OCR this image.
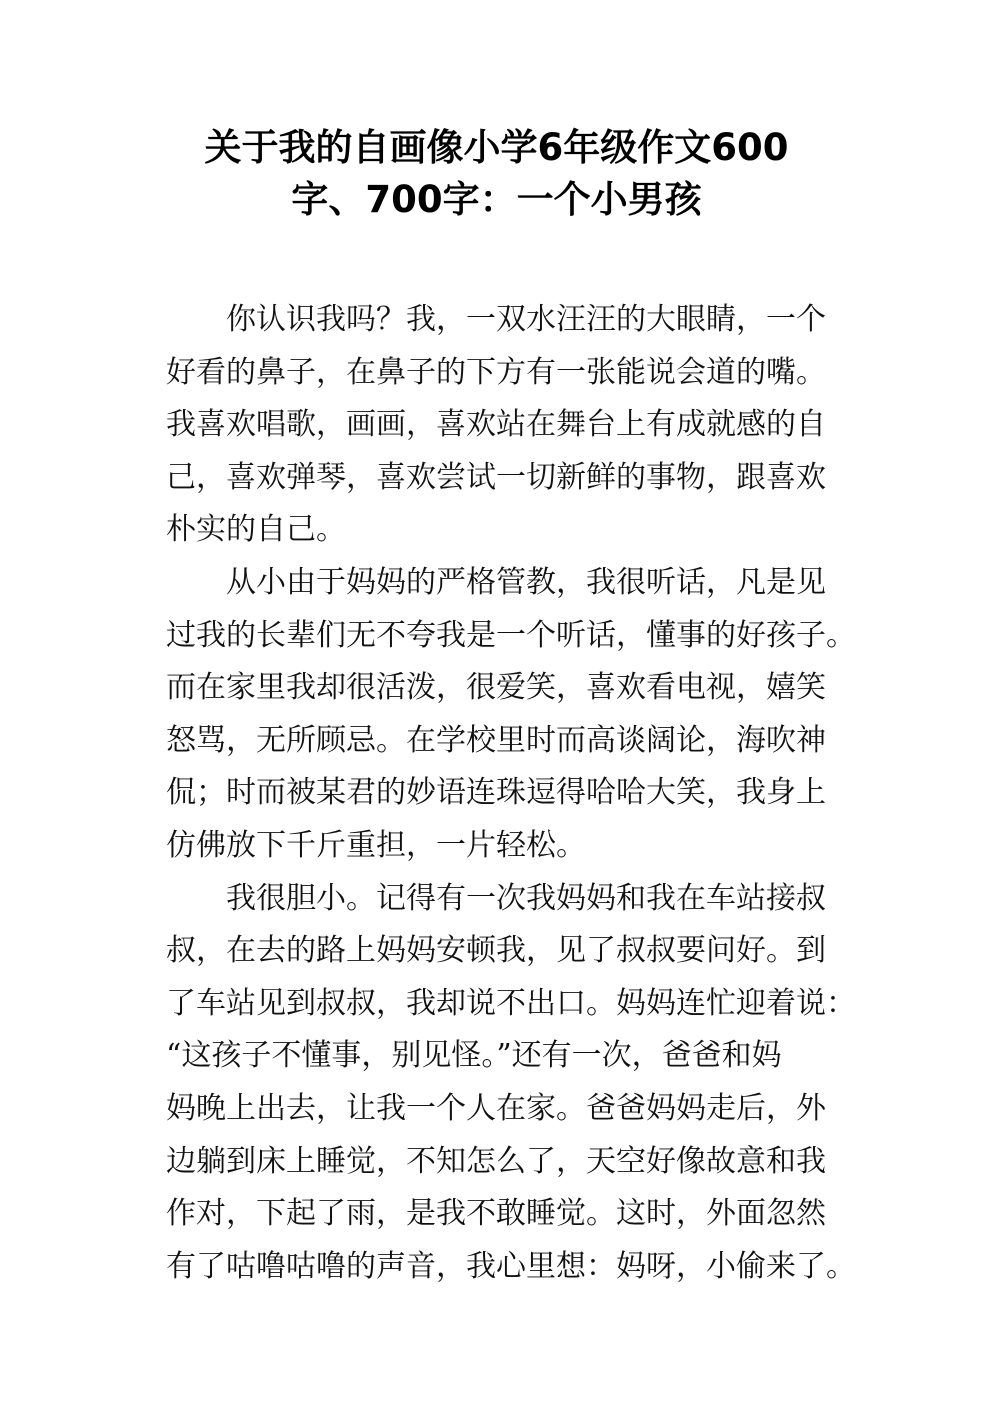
关于我的自画像小学6年级作文600
字、700字：一个小男孩
你认识我吗？我，一双水汪汪的大眼睛，一个
好看的鼻子，在鼻子的下方有一张能说会道的嘴。
我喜欢唱歌，画画，喜欢站在舞台上有成就感的自
己，喜欢弹琴，喜欢尝试一切新鲜的事物，跟喜欢
朴实的自己。
从小由于妈妈的严格管教，我很听话，凡是见
过我的长辈们无不夸我是一个听话，懂事的好孩子。
而在家里我却很活泼，很爱笑，喜欢看电视，嬉笑
怒骂，无所顾忌。在学校里时而高谈阔论，海吹神
侃；时而被某君的妙语连珠逗得哈哈大笑，我身上
仿佛放下千斤重担，一片轻松。
我很胆小。记得有一次我妈妈和我在车站接叔
叔，在去的路上妈妈安顿我，见了叔叔要问好。到
了车站见到叔叔，我却说不出口。妈妈连忙迎着说：
“这孩子不懂事，别见怪。”还有一次，爸爸和妈
妈晚上出去，让我一个人在家。爸爸妈妈走后，外
边躺到床上睡觉，不知怎么了，天空好像故意和我
作对，下起了雨，是我不敢睡觉。这时，外面忽然
有了咕噜咕噜的声音，我心里想：妈呀，小偷来了。
